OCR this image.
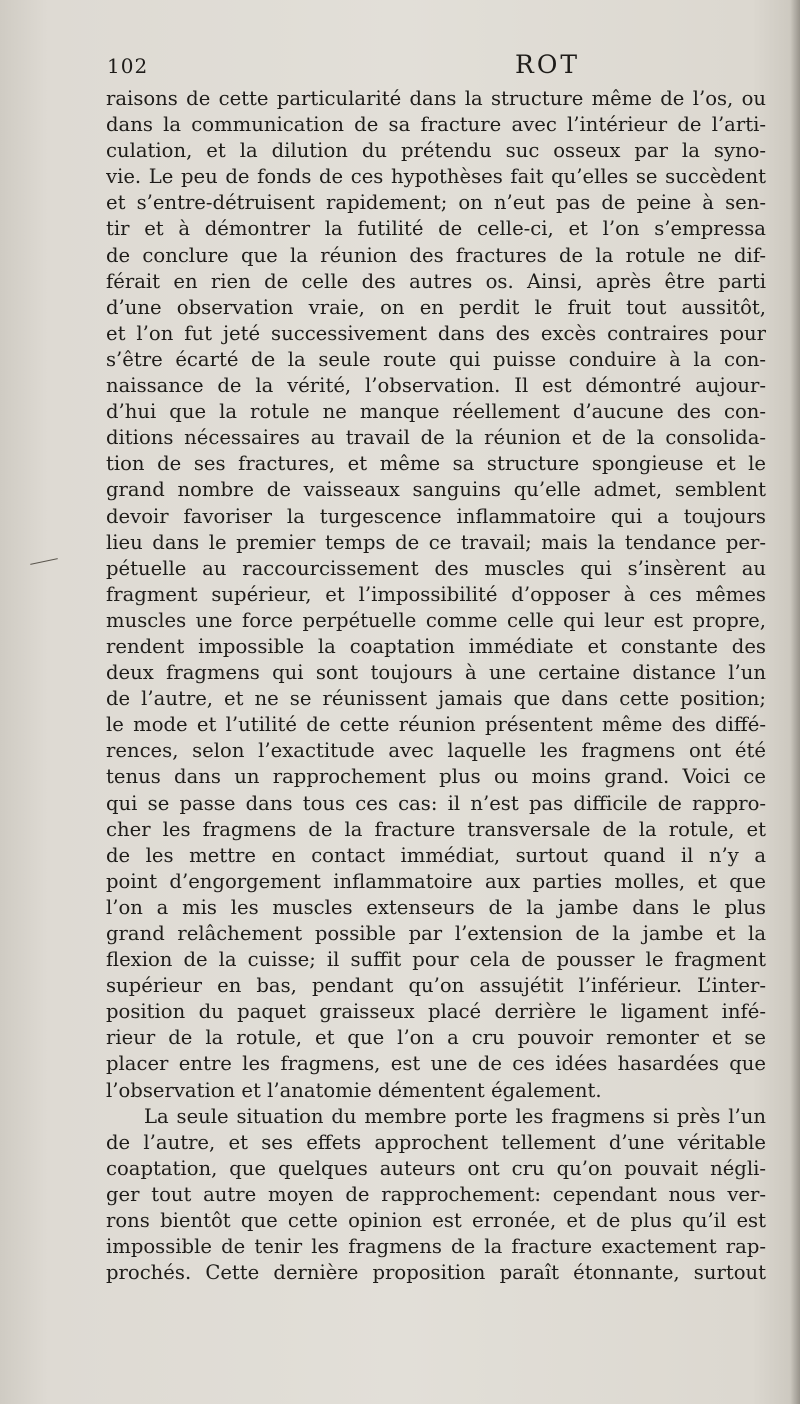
102	ROT
raisons de cette particularité dans la structure même de l’os, ou
dans la communication de sa fracture avec l’intérieur de l’arti-
culation, et la dilution du prétendu suc osseux par la syno-
vie. Le peu de fonds de ces hypothèses fait qu’elles se succèdent
et s’entre-détruisent rapidement; on n’eut pas de peine à sen-
tir et à démontrer la futilité de celle-ci, et l’on s’empressa
de conclure que la réunion des fractures de la rotule ne dif-
férait en rien de celle des autres os. Ainsi, après être parti
d’une observation vraie, on en perdit le fruit tout aussitôt,
et l’on fut jeté successivement dans des excès contraires pour
s’être écarté de la seule route qui puisse conduire à la con-
naissance de la vérité, l’observation. Il est démontré aujour-
d’hui que la rotule ne manque réellement d’aucune des con-
ditions nécessaires au travail de la réunion et de la consolida-
tion de ses fractures, et même sa structure spongieuse et le
grand nombre de vaisseaux sanguins qu’elle admet, semblent
devoir favoriser la turgescence inflammatoire qui a toujours
lieu dans le premier temps de ce travail; mais la tendance per-
pétuelle au raccourcissement des muscles qui s’insèrent au
fragment supérieur, et l’impossibilité d’opposer à ces mêmes
muscles une force perpétuelle comme celle qui leur est propre,
rendent impossible la coaptation immédiate et constante des
deux fragmens qui sont toujours à une certaine distance l’un
de l’autre, et ne se réunissent jamais que dans cette position;
le mode et l’utilité de cette réunion présentent même des diffé-
rences, selon l’exactitude avec laquelle les fragmens ont été
tenus dans un rapprochement plus ou moins grand. Voici ce
qui se passe dans tous ces cas: il n’est pas difficile de rappro-
cher les fragmens de la fracture transversale de la rotule, et
de les mettre en contact immédiat, surtout quand il n’y a
point d’engorgement inflammatoire aux parties molles, et que
l’on a mis les muscles extenseurs de la jambe dans le plus
grand relâchement possible par l’extension de la jambe et la
flexion de la cuisse; il suffit pour cela de pousser le fragment
supérieur en bas, pendant qu’on assujétit l’inférieur. L’inter-
position du paquet graisseux placé derrière le ligament infé-
rieur de la rotule, et que l’on a cru pouvoir remonter et se
placer entre les fragmens, est une de ces idées hasardées que
l’observation et l’anatomie démentent également.
La seule situation du membre porte les fragmens si près l’un
de l’autre, et ses effets approchent tellement d’une véritable
coaptation, que quelques auteurs ont cru qu’on pouvait négli-
ger tout autre moyen de rapprochement: cependant nous ver-
rons bientôt que cette opinion est erronée, et de plus qu’il est
impossible de tenir les fragmens de la fracture exactement rap-
prochés. Cette dernière proposition paraît étonnante, surtout
